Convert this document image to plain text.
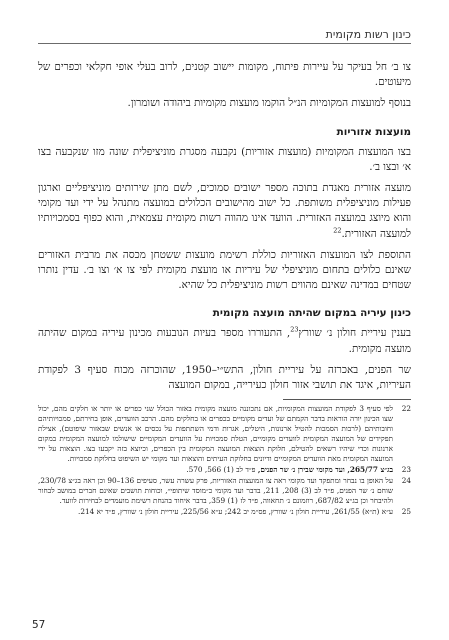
כינון רשות מקומית

צו ב׳ חל בעיקר על עיירות פיתוח, מקומות יישוב קטנים, לרוב בעלי אופי חקלאי וכפרים של מיעוטים.

בנוסף למועצות המקומיות הנ״ל הוקמו מועצות מקומיות ביהודה ושומרון.

מועצות אזוריות

בצו המועצות המקומיות (מועצות אזוריות) נקבעה מסגרת מוניציפלית שונה מזו שנקבעה בצו א׳ ובצו ב׳.

מועצה אזורית מאגדת בתוכה מספר ישובים סמוכים, לשם מתן שירותים מוניציפליים וארגון פעילות מוניציפלית משותפת. כל ישוב מהישובים הכלולים במועצה מתנהל על ידי ועד מקומי והוא מיוצג במועצה האזורית. הוועד אינו מהווה רשות מקומית עצמאית, והוא כפוף בסמכויותיו למועצה האזורית.$^{22}$

התוספת לצו המועצות האזוריות כוללת רשימת מועצות ששטחן מכסה את מרבית האזורים שאינם כלולים בתחום מוניציפלי של עיריות או מועצת מקומית לפי צו א׳ וצו ב׳. עדין נותרו שטחים במדינה שאינם מהווים רשות מוניציפלית כל שהיא.

כינון עיריה במקום שהיתה מועצה מקומית

בענין עיריית חולון נ׳ שוורץ$^{23}$, התעוררו מספר בעיות הנובעות מכינון עיריה במקום שהיתה מועצה מקומית.

שר הפנים, באכרזה על עיריית חולון, התש״י–1950, שהוכרזה מכוח סעיף 3 לפקודת העיריות, איגד את תושבי אזור חולון כעירייה, במקום המועצה

22
לפי סעיף 3 לפקודת המועצות המקומיות, אם נתכוננה מועצה מקומית באזור הכולל שני כפרים או יותר או חלקים מהם, יכול שצו הכינון יורה הוראות בדבר הקמתם של ועדים מקומיים בכפרים או בחלקים מהם. הרכב הוועדים, אופן בחירתם, סמכויותיהם וחובותיהם (לרבות הסמכות להטיל ארנונות, היטלים, אגרות ודמי השתתפות על נכסים או אנשים שבאזור שיפוטם), אצילת תפקידים של המועצה המקומית לוועדים מקומיים, הטלת סמכויות על הוועדים המקומיים שישולמו למועצה המקומית במקום ארנונות וכדי שיהיו רשאים להטילם, חלוקת הוצאות המועצה המקומית בין הכפרים, וכיוצא בזה יקבעו בצו. הוצאות על ידי המועצה המקומית מאת הוועדים המקומיים ודיונים בחלוקת העיתים והוצאות ועד מקומי יש השיפוט בחלוקת סמכויות.
23
בג״צ 265/77, ועד מקומי שבירן נ׳ שר הפנים, פ״ד לב (1) 566, 570.
24
על האופן בו נבחר ומתפקד ועד מקומי ראה צו המועצות האזוריות, פרק עשרה עשר, סעיפים 136–90 וכן ראה בג״צ 230/78, שוחם נ׳ שר הפנים, פ״ד לב (3) 208, 211, בדבר ועד מקומי כ״מוסד שיתופי״, וכוחות תושבים שאינם חברים במושב לבחור ולהיבחר וכן בג״צ 687/82, רוזמונם נ׳ תחאווה, פ״ד לז (1) 359, בדבר איחוד בהנחת רשימת מועמדים לבחירות לוועד.
25
ע״א (ת״א) 261/55, עיריית חולון נ׳ שוורץ, פס״מ יב 242; ע״א 225/56, עיריית חולון נ׳ שוורץ, פ״ד יא 214.
57
